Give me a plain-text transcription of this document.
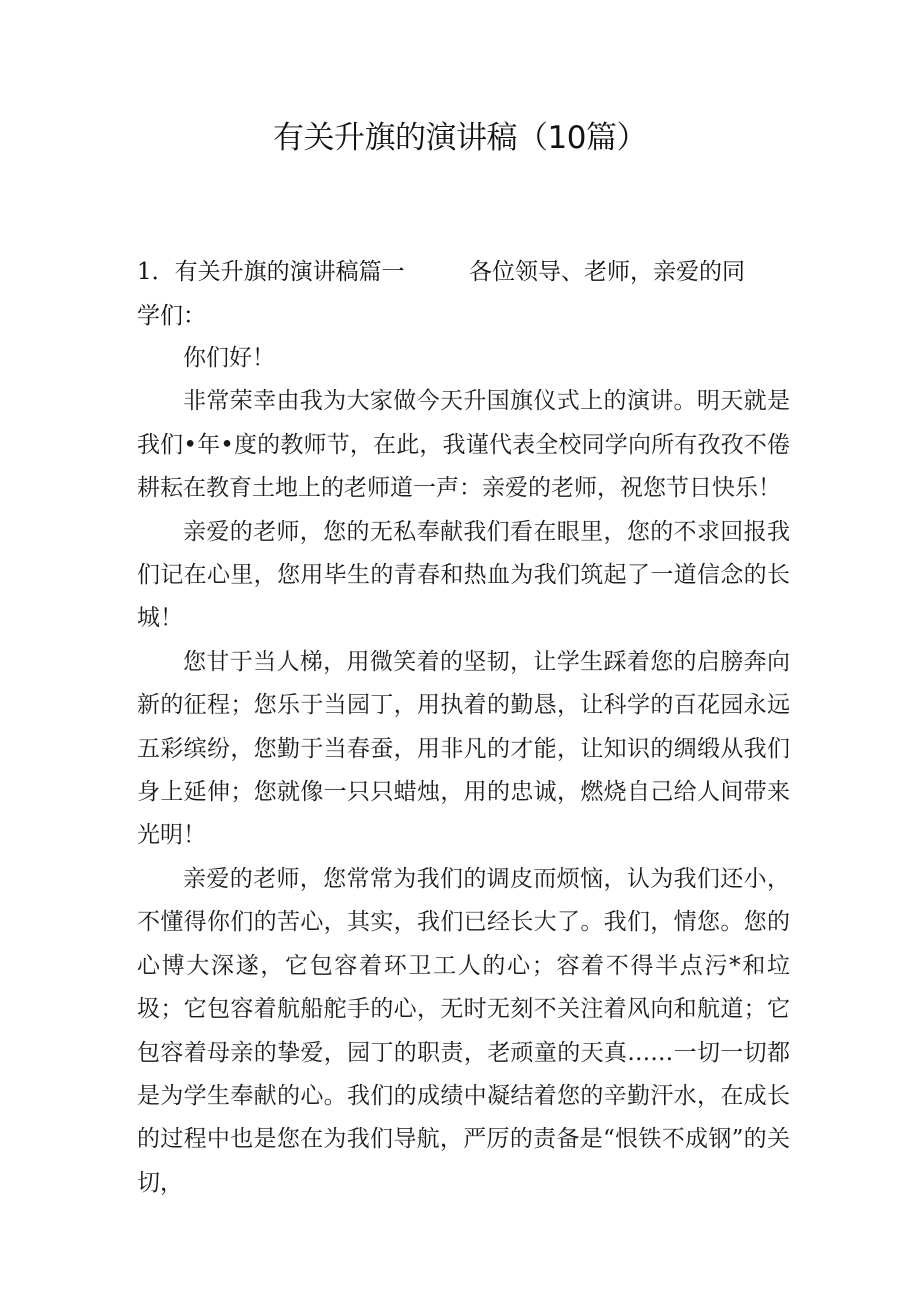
有关升旗的演讲稿（10篇）
1．有关升旗的演讲稿篇一	各位领导、老师，亲爱的同
学们：

你们好！

非常荣幸由我为大家做今天升国旗仪式上的演讲。明天就是我们•年•度的教师节，在此，我谨代表全校同学向所有孜孜不倦耕耘在教育土地上的老师道一声：亲爱的老师，祝您节日快乐！

亲爱的老师，您的无私奉献我们看在眼里，您的不求回报我们记在心里，您用毕生的青春和热血为我们筑起了一道信念的长城！

您甘于当人梯，用微笑着的坚韧，让学生踩着您的启膀奔向新的征程；您乐于当园丁，用执着的勤恳，让科学的百花园永远五彩缤纷，您勤于当春蚕，用非凡的才能，让知识的绸缎从我们身上延伸；您就像一只只蜡烛，用的忠诚，燃烧自己给人间带来光明！

亲爱的老师，您常常为我们的调皮而烦恼，认为我们还小，不懂得你们的苦心，其实，我们已经长大了。我们，情您。您的心博大深遂，它包容着环卫工人的心；容着不得半点污*和垃圾；它包容着航船舵手的心，无时无刻不关注着风向和航道；它包容着母亲的挚爱，园丁的职责，老顽童的天真……一切一切都是为学生奉献的心。我们的成绩中凝结着您的辛勤汗水，在成长的过程中也是您在为我们导航，严厉的责备是“恨铁不成钢”的关切，
